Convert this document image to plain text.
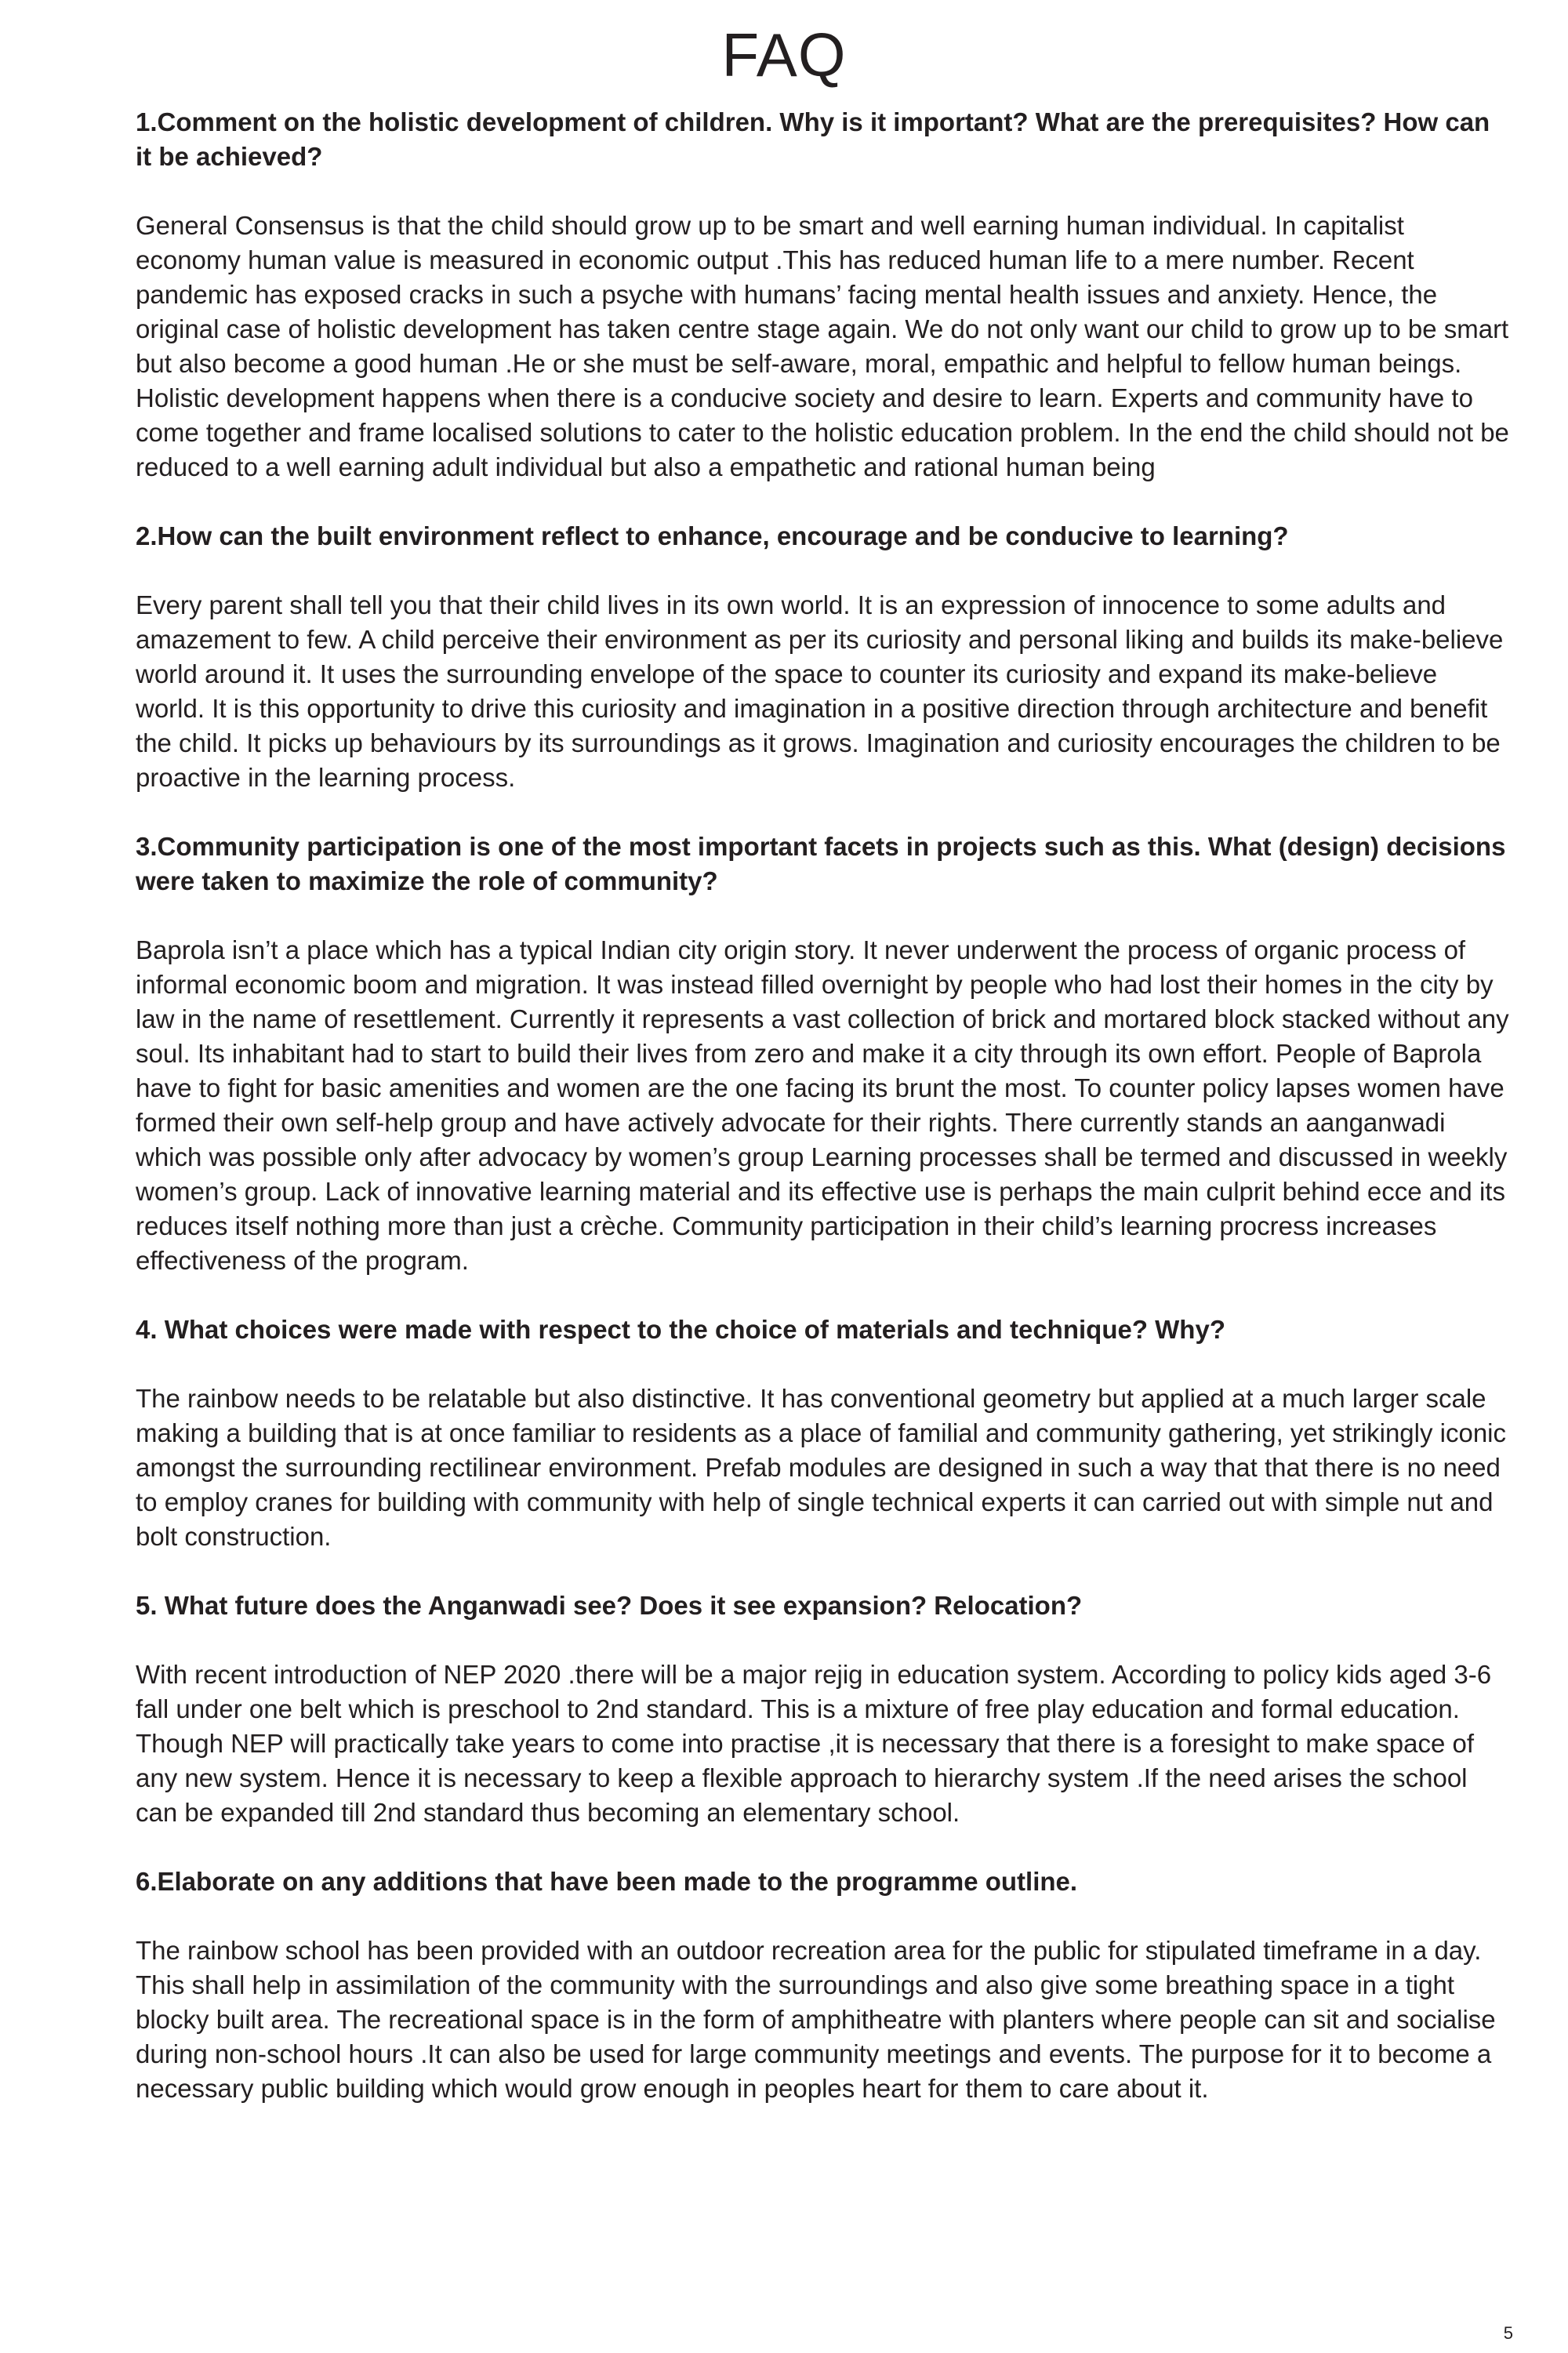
FAQ

1.Comment on the holistic development of children. Why is it important? What are the prerequisites? How can it be achieved?

General Consensus is that the child should grow up to be smart and well earning human individual. In capitalist economy human value is measured in economic output .This has reduced human life to a mere number. Recent pandemic has exposed cracks in such a psyche with humans’ facing mental health issues and anxiety. Hence, the original case of holistic development has taken centre stage again. We do not only want our child to grow up to be smart but also become a good human .He or she must be self-aware, moral, empathic and helpful to fellow human beings.

Holistic development happens when there is a conducive society and desire to learn. Experts and community have to come together and frame localised solutions to cater to the holistic education problem. In the end the child should not be reduced to a well earning adult individual but also a empathetic and rational human being

2.How can the built environment reflect to enhance, encourage and be conducive to learning?

Every parent shall tell you that their child lives in its own world. It is an expression of innocence to some adults and amazement to few. A child perceive their environment as per its curiosity and personal liking and builds its make-believe world around it. It uses the surrounding envelope of the space to counter its curiosity and expand its make-believe world. It is this opportunity to drive this curiosity and imagination in a positive direction through architecture and benefit the child. It picks up behaviours by its surroundings as it grows. Imagination and curiosity encourages the children to be proactive in the learning process.

3.Community participation is one of the most important facets in projects such as this. What (design) decisions were taken to maximize the role of community?

Baprola isn’t a place which has a typical Indian city origin story. It never underwent the process of organic process of informal economic boom and migration. It was instead filled overnight by people who had lost their homes in the city by law in the name of resettlement. Currently it represents a vast collection of brick and mortared block stacked without any soul. Its inhabitant had to start to build their lives from zero and make it a city through its own effort. People of Baprola have to fight for basic amenities and women are the one facing its brunt the most. To counter policy lapses women have formed their own self-help group and have actively advocate for their rights. There currently stands an aanganwadi which was possible only after advocacy by women’s group Learning processes shall be termed and discussed in weekly women’s group. Lack of innovative learning material and its effective use is perhaps the main culprit behind ecce and its reduces itself nothing more than just a crèche. Community participation in their child’s learning procress increases effectiveness of the program.

4. What choices were made with respect to the choice of materials and technique? Why?

The rainbow needs to be relatable but also distinctive. It has conventional geometry but applied at a much larger scale making a building that is at once familiar to residents as a place of familial and community gathering, yet strikingly iconic amongst the surrounding rectilinear environment. Prefab modules are designed in such a way that that there is no need to employ cranes for building with community with help of single technical experts it can carried out with simple nut and bolt construction.

5. What future does the Anganwadi see? Does it see expansion? Relocation?

With recent introduction of NEP 2020 .there will be a major rejig in education system. According to policy kids aged 3-6 fall under one belt which is preschool to 2nd standard. This is a mixture of free play education and formal education. Though NEP will practically take years to come into practise ,it is necessary that there is a foresight to make space of any new system. Hence it is necessary to keep a flexible approach to hierarchy system .If the need arises the school can be expanded till 2nd standard thus becoming an elementary school.

6.Elaborate on any additions that have been made to the programme outline.

The rainbow school has been provided with an outdoor recreation area for the public for stipulated timeframe in a day. This shall help in assimilation of the community with the surroundings and also give some breathing space in a tight blocky built area. The recreational space is in the form of amphitheatre with planters where people can sit and socialise during non-school hours .It can also be used for large community meetings and events. The purpose for it to become a necessary public building which would grow enough in peoples heart for them to care about it.

5
